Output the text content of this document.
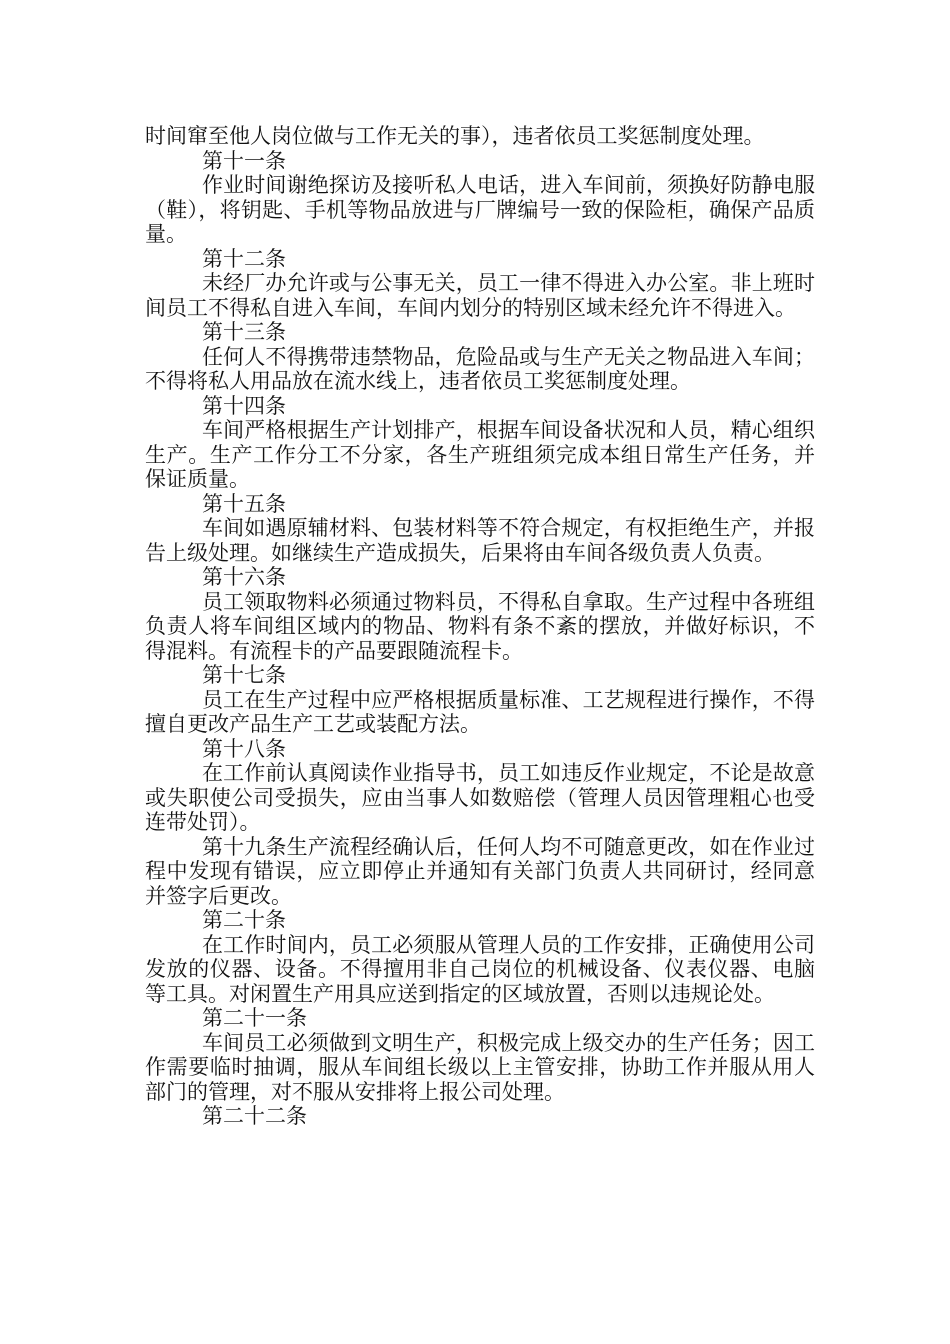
时间窜至他人岗位做与工作无关的事），违者依员工奖惩制度处理。

第十一条

作业时间谢绝探访及接听私人电话，进入车间前，须换好防静电服（鞋），将钥匙、手机等物品放进与厂牌编号一致的保险柜，确保产品质量。

第十二条

未经厂办允许或与公事无关，员工一律不得进入办公室。非上班时间员工不得私自进入车间，车间内划分的特别区域未经允许不得进入。

第十三条

任何人不得携带违禁物品，危险品或与生产无关之物品进入车间；不得将私人用品放在流水线上，违者依员工奖惩制度处理。

第十四条

车间严格根据生产计划排产，根据车间设备状况和人员，精心组织生产。生产工作分工不分家，各生产班组须完成本组日常生产任务，并保证质量。

第十五条

车间如遇原辅材料、包装材料等不符合规定，有权拒绝生产，并报告上级处理。如继续生产造成损失，后果将由车间各级负责人负责。

第十六条

员工领取物料必须通过物料员，不得私自拿取。生产过程中各班组负责人将车间组区域内的物品、物料有条不紊的摆放，并做好标识，不得混料。有流程卡的产品要跟随流程卡。

第十七条

员工在生产过程中应严格根据质量标准、工艺规程进行操作，不得擅自更改产品生产工艺或装配方法。

第十八条

在工作前认真阅读作业指导书，员工如违反作业规定，不论是故意或失职使公司受损失，应由当事人如数赔偿（管理人员因管理粗心也受连带处罚）。

第十九条生产流程经确认后，任何人均不可随意更改，如在作业过程中发现有错误，应立即停止并通知有关部门负责人共同研讨，经同意并签字后更改。

第二十条

在工作时间内，员工必须服从管理人员的工作安排，正确使用公司发放的仪器、设备。不得擅用非自己岗位的机械设备、仪表仪器、电脑等工具。对闲置生产用具应送到指定的区域放置，否则以违规论处。

第二十一条

车间员工必须做到文明生产，积极完成上级交办的生产任务；因工作需要临时抽调，服从车间组长级以上主管安排，协助工作并服从用人部门的管理，对不服从安排将上报公司处理。

第二十二条
